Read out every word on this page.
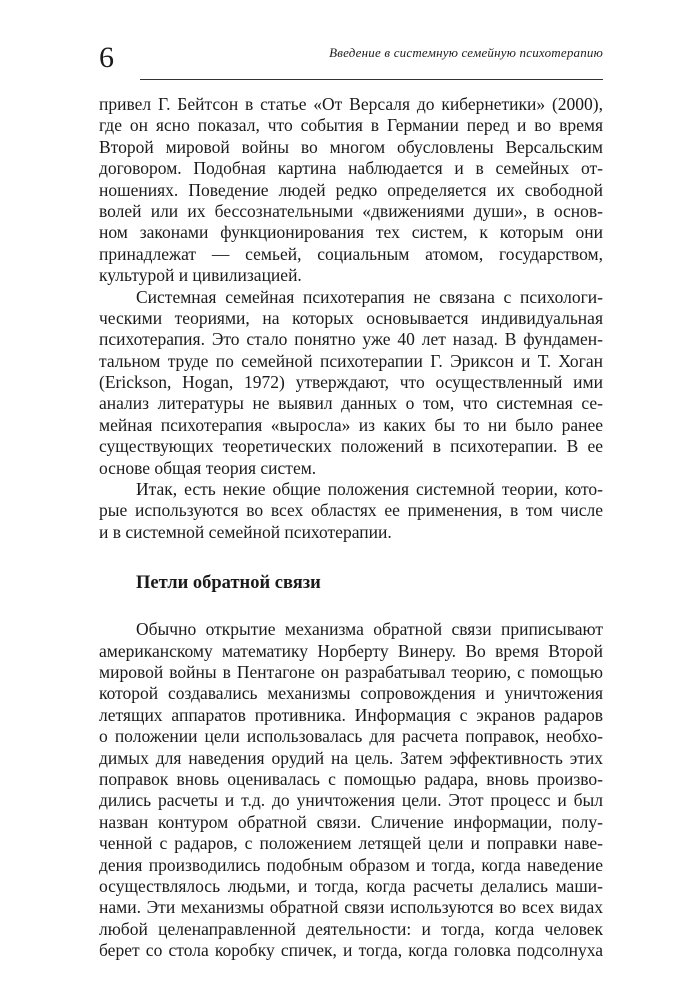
6	Введение в системную семейную психотерапию
привел Г. Бейтсон в статье «От Версаля до кибернетики» (2000),
где он ясно показал, что события в Германии перед и во время
Второй мировой войны во многом обусловлены Версальским
договором. Подобная картина наблюдается и в семейных от-
ношениях. Поведение людей редко определяется их свободной
волей или их бессознательными «движениями души», в основ-
ном законами функционирования тех систем, к которым они
принадлежат — семьей, социальным атомом, государством,
культурой и цивилизацией.
Системная семейная психотерапия не связана с психологи-
ческими теориями, на которых основывается индивидуальная
психотерапия. Это стало понятно уже 40 лет назад. В фундамен-
тальном труде по семейной психотерапии Г. Эриксон и Т. Хоган
(Erickson, Hogan, 1972) утверждают, что осуществленный ими
анализ литературы не выявил данных о том, что системная се-
мейная психотерапия «выросла» из каких бы то ни было ранее
существующих теоретических положений в психотерапии. В ее
основе общая теория систем.
Итак, есть некие общие положения системной теории, кото-
рые используются во всех областях ее применения, в том числе
и в системной семейной психотерапии.
Петли обратной связи
Обычно открытие механизма обратной связи приписывают
американскому математику Норберту Винеру. Во время Второй
мировой войны в Пентагоне он разрабатывал теорию, с помощью
которой создавались механизмы сопровождения и уничтожения
летящих аппаратов противника. Информация с экранов радаров
о положении цели использовалась для расчета поправок, необхо-
димых для наведения орудий на цель. Затем эффективность этих
поправок вновь оценивалась с помощью радара, вновь произво-
дились расчеты и т.д. до уничтожения цели. Этот процесс и был
назван контуром обратной связи. Сличение информации, полу-
ченной с радаров, с положением летящей цели и поправки наве-
дения производились подобным образом и тогда, когда наведение
осуществлялось людьми, и тогда, когда расчеты делались маши-
нами. Эти механизмы обратной связи используются во всех видах
любой целенаправленной деятельности: и тогда, когда человек
берет со стола коробку спичек, и тогда, когда головка подсолнуха
